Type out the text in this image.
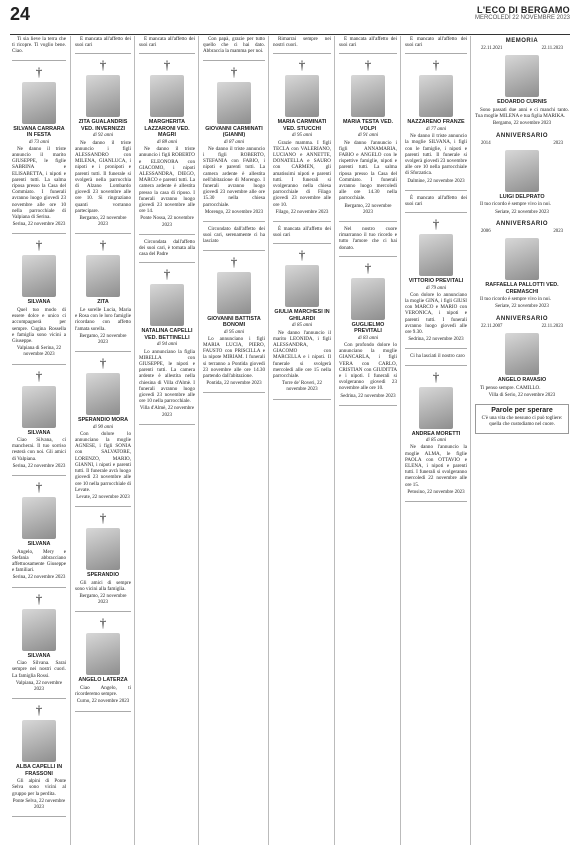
24	L'ECO DI BERGAMO
MERCOLEDÌ 22 NOVEMBRE 2023

Ti sia lieve la terra che ti ricopre. Ti voglio bene. Ciao.

†
SILVANA CARRARA IN FESTA
di 73 anni

Ne danno il triste annuncio il marito GIUSEPPE, le figlie SABRINA e ELISABETTA, i nipoti e parenti tutti. La salma riposa presso la Casa del Commiato. I funerali avranno luogo giovedì 23 novembre alle ore 10 nella parrocchiale di Valpiana di Serina.

Serina, 22 novembre 2023
†
SILVANA

Quel tuo modo di essere dolce e unico ci accompagnerà per sempre. Cugina Rossella e famiglia sono vicini a Giuseppe.

Valpiana di Serina, 22 novembre 2023
†
SILVANA

Ciao Silvana, ci mancherai. Il tuo sorriso resterà con noi. Gli amici di Valpiana.

Serina, 22 novembre 2023
†
SILVANA

Angelo, Mery e Stefania abbracciano affettuosamente Giuseppe e familiari.

Serina, 22 novembre 2023
†
SILVANA

Ciao Silvana. Sarai sempre nei nostri cuori. La famiglia Rossi.

Valpiana, 22 novembre 2023
†
ALBA CAPELLI IN FRASSONI

Gli alpini di Ponte Selva sono vicini al gruppo per la perdita.

Ponte Selva, 22 novembre 2023

È mancata all'affetto dei suoi cari

†
ZITA GUALANDRIS VED. INVERNIZZI
di 92 anni

Ne danno il triste annuncio i figli ALESSANDRO con MILENA, GIANLUCA, i nipoti e i pronipoti e parenti tutti. Il funerale si svolgerà nella parrocchia di Alzano Lombardo giovedì 23 novembre alle ore 10. Si ringraziano quanti vorranno partecipare.

Bergamo, 22 novembre 2023
†
ZITA

Le sorelle Lucia, Maria e Rosa con le loro famiglie ricordano con affetto l'amata sorella.

Bergamo, 22 novembre 2023
†
SPERANDIO MORA
di 90 anni

Con dolore lo annunciano la moglie AGNESE, i figli SONIA con SALVATORE, LORENZO, MARIO, GIANNI, i nipoti e parenti tutti. Il funerale avrà luogo giovedì 23 novembre alle ore 10 nella parrocchiale di Levate.

Levate, 22 novembre 2023
†
SPERANDIO

Gli amici di sempre sono vicini alla famiglia.

Bergamo, 22 novembre 2023
†
ANGELO LATERZA

Ciao Angelo, ti ricorderemo sempre.

Curno, 22 novembre 2023

È mancata all'affetto dei suoi cari

†
MARGHERITA LAZZARONI VED. MAGRI
di 88 anni

Ne danno il triste annuncio i figli ROBERTO e ELEONORA con GIACOMO, i nipoti ALESSANDRA, DIEGO, MARCO e parenti tutti. La camera ardente è allestita presso la casa di riposo. I funerali avranno luogo giovedì 23 novembre alle ore 14.

Ponte Nossa, 22 novembre 2023

Circondata dall'affetto dei suoi cari, è tornata alla casa del Padre

†
NATALINA CAPELLI VED. BETTINELLI
di 94 anni

Lo annunciano la figlia MIRELLA con GIUSEPPE, le nipoti e parenti tutti. La camera ardente è allestita nella chiesina di Villa d'Almè. I funerali avranno luogo giovedì 23 novembre alle ore 10 nella parrocchiale.

Villa d'Almè, 22 novembre 2023

Con papà, grazie per tutto quello che ci hai dato. Abbraccia la mamma per noi.

†
GIOVANNI CARMINATI (GIANNI)
di 87 anni

Ne danno il triste annuncio i figli ROBERTO, STEFANIA con FABIO, i nipoti e parenti tutti. La camera ardente è allestita nell'abitazione di Morengo. I funerali avranno luogo giovedì 23 novembre alle ore 15.30 nella chiesa parrocchiale.

Morengo, 22 novembre 2023

Circondato dall'affetto dei suoi cari, serenamente ci ha lasciato

†
GIOVANNI BATTISTA BONOMI
di 95 anni

Lo annunciano i figli MARIA LUCIA, PIERO, FAUSTO con PRISCILLA e la nipote MIRIAM. I funerali si terranno a Pontida giovedì 23 novembre alle ore 14.30 partendo dall'abitazione.

Pontida, 22 novembre 2023

Rimarrai sempre nei nostri cuori.

†
MARIA CARMINATI VED. STUCCHI
di 95 anni

Grazie mamma. I figli TECLA con VALERIANO, LUCIANO e ANNETTE, DONATELLA e SAURO con CARMEN, gli amatissimi nipoti e parenti tutti. I funerali si svolgeranno nella chiesa parrocchiale di Filago giovedì 23 novembre alle ore 10.

Filago, 22 novembre 2023

È mancata all'affetto dei suoi cari

†
GIULIA MARCHESI IN GHILARDI
di 85 anni

Ne danno l'annuncio il marito LEONIDA, i figli ALESSANDRA, GIACOMO con MARCELLA e i nipoti. Il funerale si svolgerà mercoledì alle ore 15 nella parrocchiale.

Torre de' Roveri, 22 novembre 2023

È mancata all'affetto dei suoi cari

†
MARIA TESTA VED. VOLPI
di 91 anni

Ne danno l'annuncio i figli ANNAMARIA, FABIO e ANGELO con le rispettive famiglie, nipoti e parenti tutti. La salma riposa presso la Casa del Commiato. I funerali avranno luogo mercoledì alle ore 14.30 nella parrocchiale.

Bergamo, 22 novembre 2023

Nel nostro cuore rimarranno il tuo ricordo e tutto l'amore che ci hai donato.

†
GUGLIELMO PREVITALI
di 83 anni

Con profondo dolore lo annunciano la moglie GIANCARLA, i figli VERA con CARLO, CRISTIAN con GIUDITTA e i nipoti. I funerali si svolgeranno giovedì 23 novembre alle ore 10.

Sedrina, 22 novembre 2023

È mancato all'affetto dei suoi cari

†
NAZZARENO FRANZE
di 77 anni

Ne danno il triste annuncio la moglie SILVANA, i figli con le famiglie, i nipoti e parenti tutti. Il funerale si svolgerà giovedì 23 novembre alle ore 10 nella parrocchiale di Sforzatica.

Dalmine, 22 novembre 2023

È mancato all'affetto dei suoi cari

†
VITTORIO PREVITALI
di 79 anni

Con dolore lo annunciano la moglie GINA, i figli GIUSI con MARCO e MARIO con VERONICA, i nipoti e parenti tutti. I funerali avranno luogo giovedì alle ore 9.30.

Sedrina, 22 novembre 2023

Ci ha lasciati il nostro caro

†
ANDREA MORETTI
di 85 anni

Ne danno l'annuncio la moglie ALMA, le figlie PAOLA con OTTAVIO e ELENA, i nipoti e parenti tutti. I funerali si svolgeranno mercoledì 22 novembre alle ore 15.

Petosino, 22 novembre 2023
MEMORIA
22.11.2021	22.11.2023
EDOARDO CURNIS

Sono passati due anni e ci manchi tanto. Tua moglie MILENA e tua figlia MARIKA.

Bergamo, 22 novembre 2023
ANNIVERSARIO
2014	2023
LUIGI DELPRATO

Il tuo ricordo è sempre vivo in noi.

Seriate, 22 novembre 2023
ANNIVERSARIO
2006	2023
RAFFAELLA PALLOTTI VED. CREMASCHI

Il tuo ricordo è sempre vivo in noi.

Seriate, 22 novembre 2023
ANNIVERSARIO
22.11.2007	22.11.2023
ANGELO RAVASIO

Ti penso sempre. CAMILLO.

Villa di Serio, 22 novembre 2023
Parole per sperare

C'è una vita che nessuno ci può togliere: quella che custodiamo nel cuore.
